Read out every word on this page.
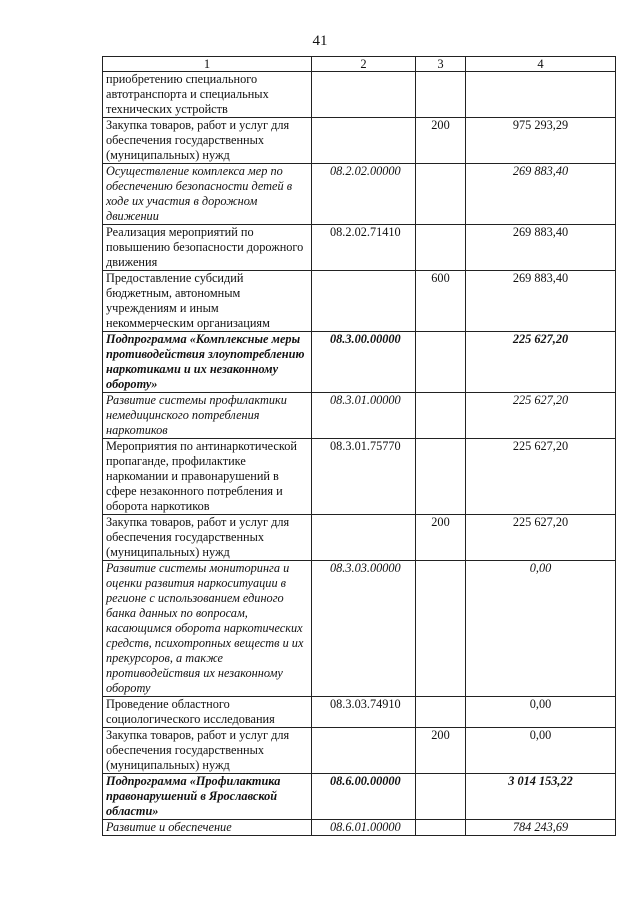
41
1	2	3	4
приобретению специального автотранспорта и специальных технических устройств			
Закупка товаров, работ и услуг для обеспечения государственных (муниципальных) нужд		200	975 293,29
Осуществление комплекса мер по обеспечению безопасности детей в ходе их участия в дорожном движении	08.2.02.00000		269 883,40
Реализация мероприятий по повышению безопасности дорожного движения	08.2.02.71410		269 883,40
Предоставление субсидий бюджетным, автономным учреждениям и иным некоммерческим организациям		600	269 883,40
Подпрограмма «Комплексные меры противодействия злоупотреблению наркотиками и их незаконному обороту»	08.3.00.00000		225 627,20
Развитие системы профилактики немедицинского потребления наркотиков	08.3.01.00000		225 627,20
Мероприятия по антинаркотической пропаганде, профилактике наркомании и правонарушений в сфере незаконного потребления и оборота наркотиков	08.3.01.75770		225 627,20
Закупка товаров, работ и услуг для обеспечения государственных (муниципальных) нужд		200	225 627,20
Развитие системы мониторинга и оценки развития наркоситуации в регионе с использованием единого банка данных по вопросам, касающимся оборота наркотических средств, психотропных веществ и их прекурсоров, а также противодействия их незаконному обороту	08.3.03.00000		0,00
Проведение областного социологического исследования	08.3.03.74910		0,00
Закупка товаров, работ и услуг для обеспечения государственных (муниципальных) нужд		200	0,00
Подпрограмма «Профилактика правонарушений в Ярославской области»	08.6.00.00000		3 014 153,22
Развитие и обеспечение	08.6.01.00000		784 243,69
